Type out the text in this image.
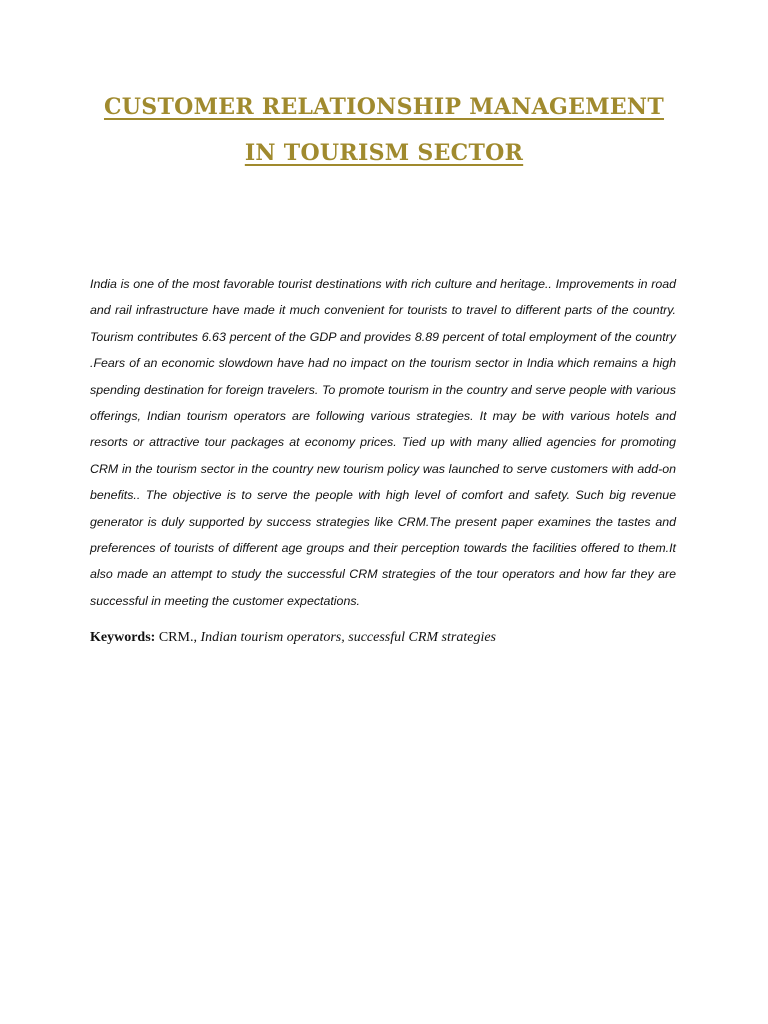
CUSTOMER RELATIONSHIP MANAGEMENT
IN TOURISM SECTOR

India is one of the most favorable tourist destinations with rich culture and heritage.. Improvements in road and rail infrastructure have made it much convenient for tourists to travel to different parts of the country. Tourism contributes 6.63 percent of the GDP and provides 8.89 percent of total employment of the country .Fears of an economic slowdown have had no impact on the tourism sector in India which remains a high spending destination for foreign travelers. To promote tourism in the country and serve people with various offerings, Indian tourism operators are following various strategies. It may be with various hotels and resorts or attractive tour packages at economy prices. Tied up with many allied agencies for promoting CRM in the tourism sector in the country new tourism policy was launched to serve customers with add-on benefits.. The objective is to serve the people with high level of comfort and safety. Such big revenue generator is duly supported by success strategies like CRM.The present paper examines the tastes and preferences of tourists of different age groups and their perception towards the facilities offered to them.It also made an attempt to study the successful CRM strategies of the tour operators and how far they are successful in meeting the customer expectations.

Keywords: CRM., Indian tourism operators, successful CRM strategies
